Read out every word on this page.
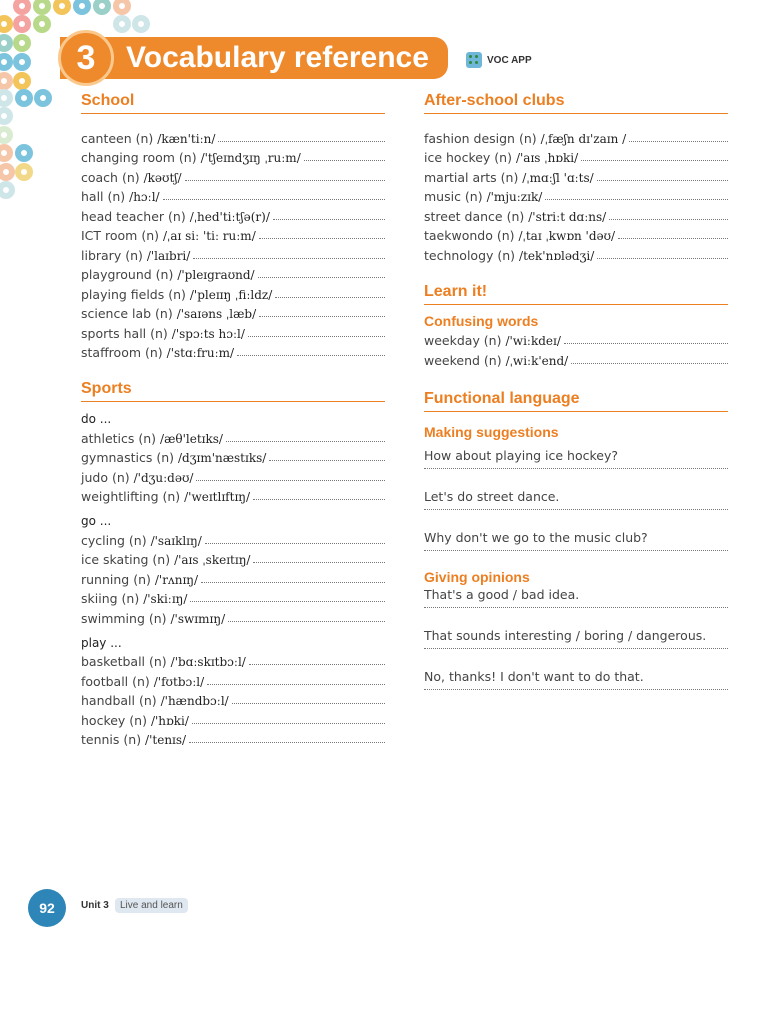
3 Vocabulary reference	VOC APP
School
canteen (n) /kæn'tiːn/
changing room (n) /'tʃeɪndʒɪŋ ˌruːm/
coach (n) /kəʊtʃ/
hall (n) /hɔːl/
head teacher (n) /ˌhed'tiːtʃə(r)/
ICT room (n) /ˌaɪ siː 'tiː ruːm/
library (n) /'laɪbri/
playground (n) /'pleɪgraʊnd/
playing fields (n) /'pleɪɪŋ ˌfiːldz/
science lab (n) /'saɪəns ˌlæb/
sports hall (n) /'spɔːts hɔːl/
staffroom (n) /'stɑːfruːm/
Sports
do ...
athletics (n) /æθ'letɪks/
gymnastics (n) /dʒɪm'næstɪks/
judo (n) /'dʒuːdəʊ/
weightlifting (n) /'weɪtlɪftɪŋ/
go ...
cycling (n) /'saɪklɪŋ/
ice skating (n) /'aɪs ˌskeɪtɪŋ/
running (n) /'rʌnɪŋ/
skiing (n) /'skiːɪŋ/
swimming (n) /'swɪmɪŋ/
play ...
basketball (n) /'bɑːskɪtbɔːl/
football (n) /'fʊtbɔːl/
handball (n) /'hændbɔːl/
hockey (n) /'hɒki/
tennis (n) /'tenɪs/
After-school clubs
fashion design (n) /ˌfæʃn dɪ'zaɪn /
ice hockey (n) /'aɪs ˌhɒki/
martial arts (n) /ˌmɑːʃl 'ɑːts/
music (n) /'mjuːzɪk/
street dance (n) /'striːt dɑːns/
taekwondo (n) /ˌtaɪ ˌkwɒn 'dəʊ/
technology (n) /tek'nɒlədʒi/
Learn it!
Confusing words
weekday (n) /'wiːkdeɪ/
weekend (n) /ˌwiːk'end/
Functional language
Making suggestions
How about playing ice hockey?
Let's do street dance.
Why don't we go to the music club?
Giving opinions
That's a good / bad idea.
That sounds interesting / boring / dangerous.
No, thanks! I don't want to do that.
92	Unit 3	Live and learn
